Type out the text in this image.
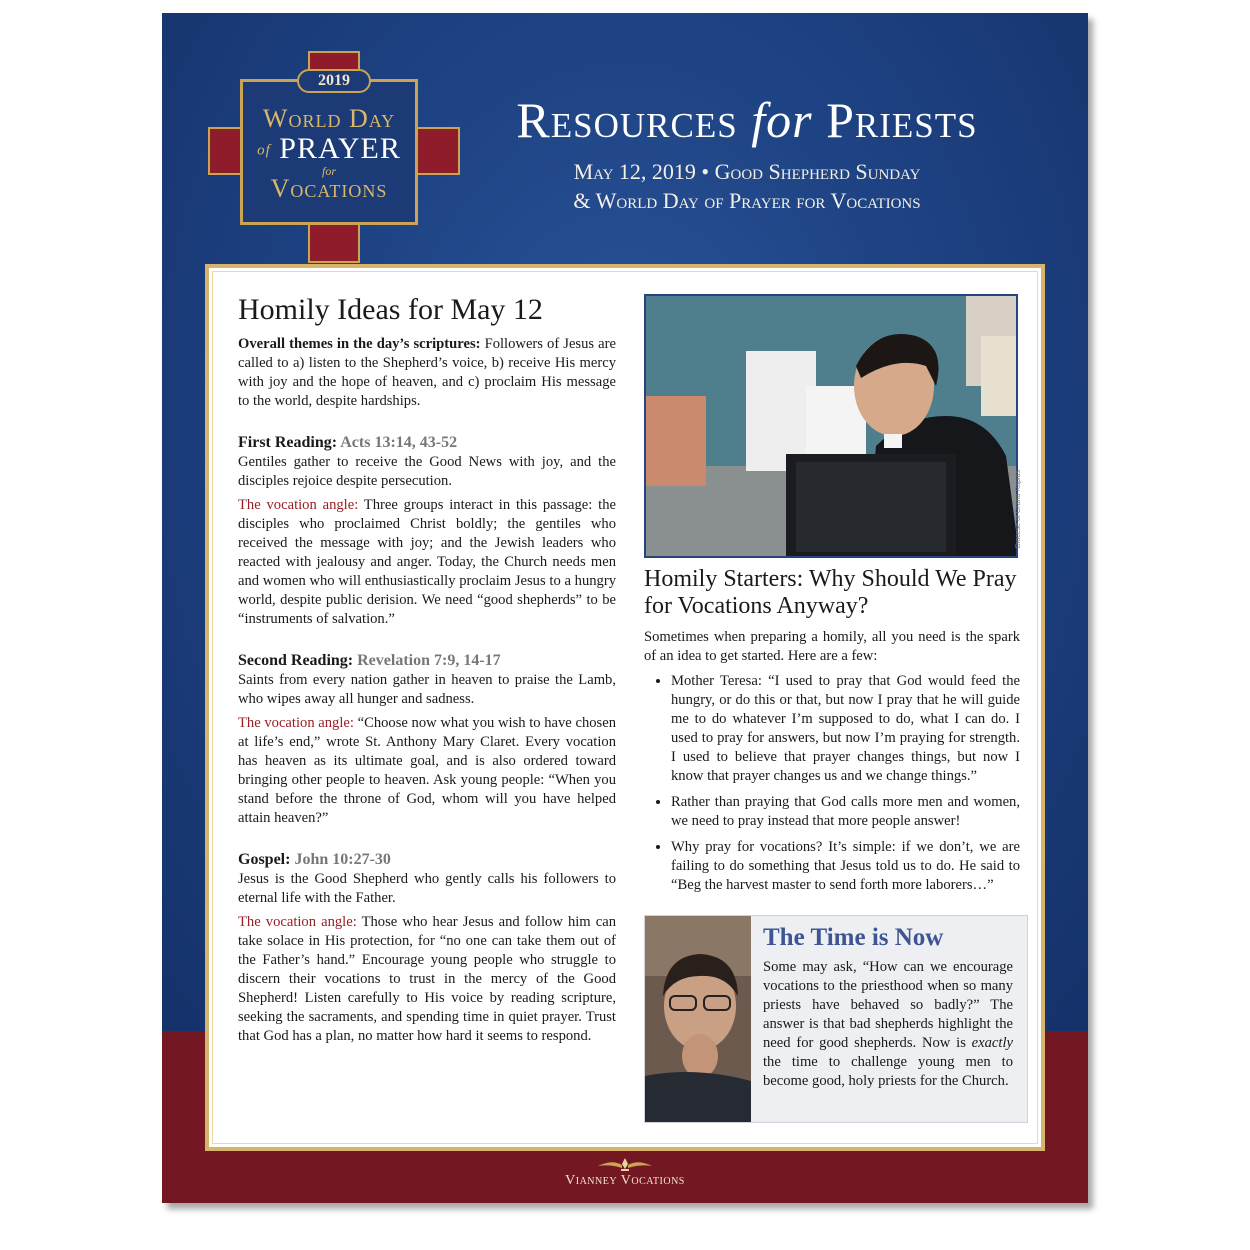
World Day
of PRAYER
for
Vocations
2019
Resources for Priests
May 12, 2019 • Good Shepherd Sunday
& World Day of Prayer for Vocations
Homily Ideas for May 12

Overall themes in the day’s scriptures: Followers of Jesus are called to a) listen to the Shepherd’s voice, b) receive His mercy with joy and the hope of heaven, and c) proclaim His message to the world, despite hardships.

First Reading: Acts 13:14, 43-52

Gentiles gather to receive the Good News with joy, and the disciples rejoice despite persecution.

The vocation angle: Three groups interact in this passage: the disciples who proclaimed Christ boldly; the gentiles who received the message with joy; and the Jewish leaders who reacted with jealousy and anger. Today, the Church needs men and women who will enthusiastically proclaim Jesus to a hungry world, despite public derision. We need “good shepherds” to be “instruments of salvation.”

Second Reading: Revelation 7:9, 14-17

Saints from every nation gather in heaven to praise the Lamb, who wipes away all hunger and sadness.

The vocation angle: “Choose now what you wish to have chosen at life’s end,” wrote St. Anthony Mary Claret. Every vocation has heaven as its ultimate goal, and is also ordered toward bringing other people to heaven. Ask young people: “When you stand before the throne of God, whom will you have helped attain heaven?”

Gospel: John 10:27-30

Jesus is the Good Shepherd who gently calls his followers to eternal life with the Father.

The vocation angle: Those who hear Jesus and follow him can take solace in His protection, for “no one can take them out of the Father’s hand.” Encourage young people who struggle to discern their vocations to trust in the mercy of the Good Shepherd! Listen carefully to His voice by reading scripture, seeking the sacraments, and spending time in quiet prayer. Trust that God has a plan, no matter how hard it seems to respond.

Homily Starters: Why Should We Pray for Vocations Anyway?

Sometimes when preparing a homily, all you need is the spark of an idea to get started. Here are a few:

• Mother Teresa: “I used to pray that God would feed the hungry, or do this or that, but now I pray that he will guide me to do whatever I’m supposed to do, what I can do. I used to pray for answers, but now I’m praying for strength. I used to believe that prayer changes things, but now I know that prayer changes us and we change things.”
• Rather than praying that God calls more men and women, we need to pray instead that more people answer!
• Why pray for vocations? It’s simple: if we don’t, we are failing to do something that Jesus told us to do. He said to “Beg the harvest master to send forth more laborers…”
The Time is Now

Some may ask, “How can we encourage vocations to the priesthood when so many priests have behaved so badly?” The answer is that bad shepherds highlight the need for good shepherds. Now is exactly the time to challenge young men to become good, holy priests for the Church.

Vianney Vocations
Diocese of Grand Rapids
